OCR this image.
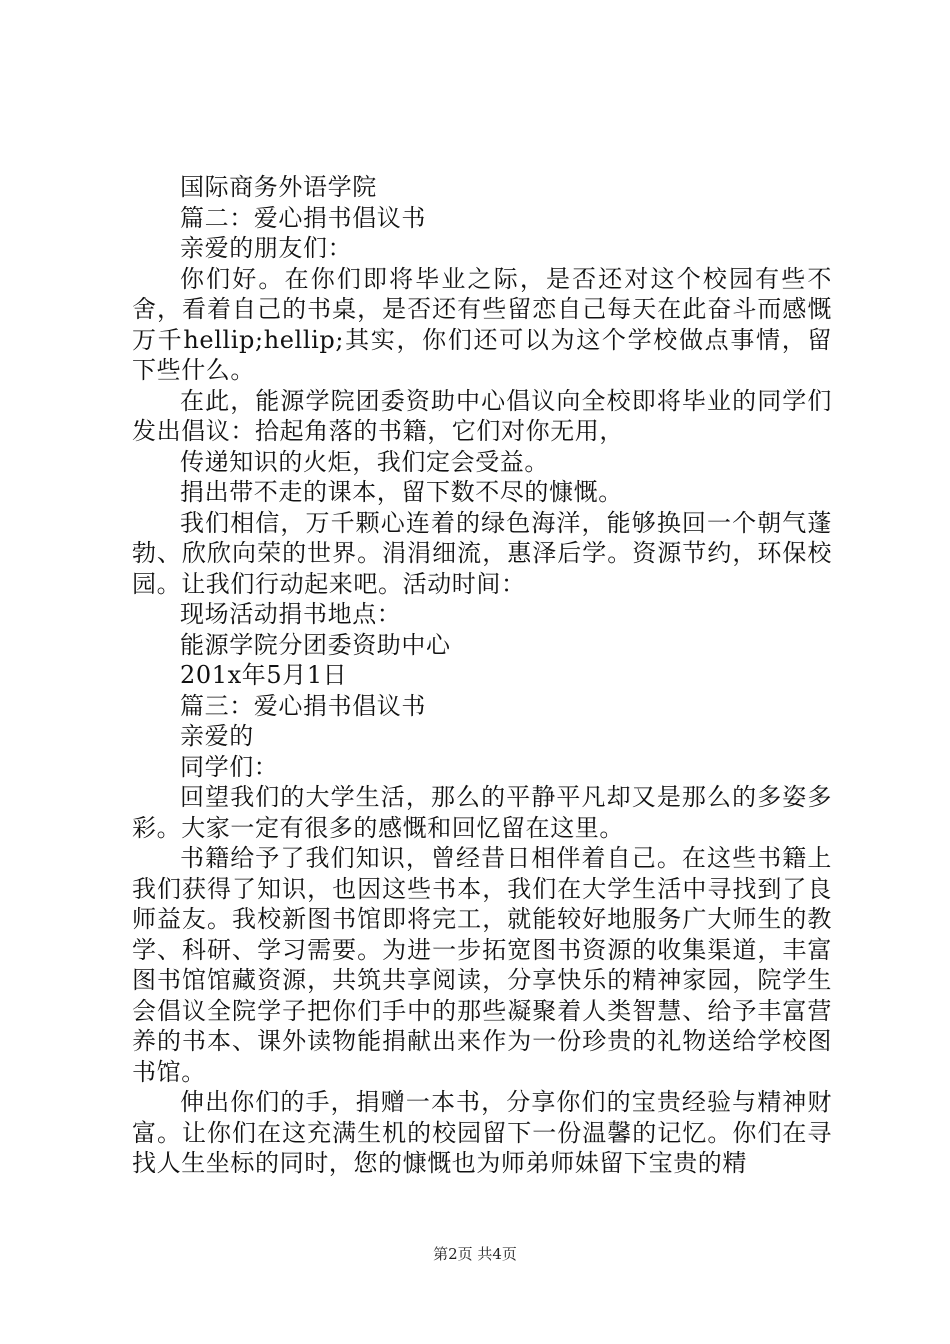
国际商务外语学院

篇二：爱心捐书倡议书

亲爱的朋友们：

你们好。在你们即将毕业之际，是否还对这个校园有些不舍，看着自己的书桌，是否还有些留恋自己每天在此奋斗而感慨万千hellip;hellip;其实，你们还可以为这个学校做点事情，留下些什么。

在此，能源学院团委资助中心倡议向全校即将毕业的同学们发出倡议：拾起角落的书籍，它们对你无用，

传递知识的火炬，我们定会受益。

捐出带不走的课本，留下数不尽的慷慨。

我们相信，万千颗心连着的绿色海洋，能够换回一个朝气蓬勃、欣欣向荣的世界。涓涓细流，惠泽后学。资源节约，环保校园。让我们行动起来吧。活动时间：

现场活动捐书地点：

能源学院分团委资助中心

201x年5月1日

篇三：爱心捐书倡议书

亲爱的

同学们：

回望我们的大学生活，那么的平静平凡却又是那么的多姿多彩。大家一定有很多的感慨和回忆留在这里。

书籍给予了我们知识，曾经昔日相伴着自己。在这些书籍上我们获得了知识，也因这些书本，我们在大学生活中寻找到了良师益友。我校新图书馆即将完工，就能较好地服务广大师生的教学、科研、学习需要。为进一步拓宽图书资源的收集渠道，丰富图书馆馆藏资源，共筑共享阅读，分享快乐的精神家园，院学生会倡议全院学子把你们手中的那些凝聚着人类智慧、给予丰富营养的书本、课外读物能捐献出来作为一份珍贵的礼物送给学校图书馆。

伸出你们的手，捐赠一本书，分享你们的宝贵经验与精神财富。让你们在这充满生机的校园留下一份温馨的记忆。你们在寻找人生坐标的同时，您的慷慨也为师弟师妹留下宝贵的精

第2页 共4页
